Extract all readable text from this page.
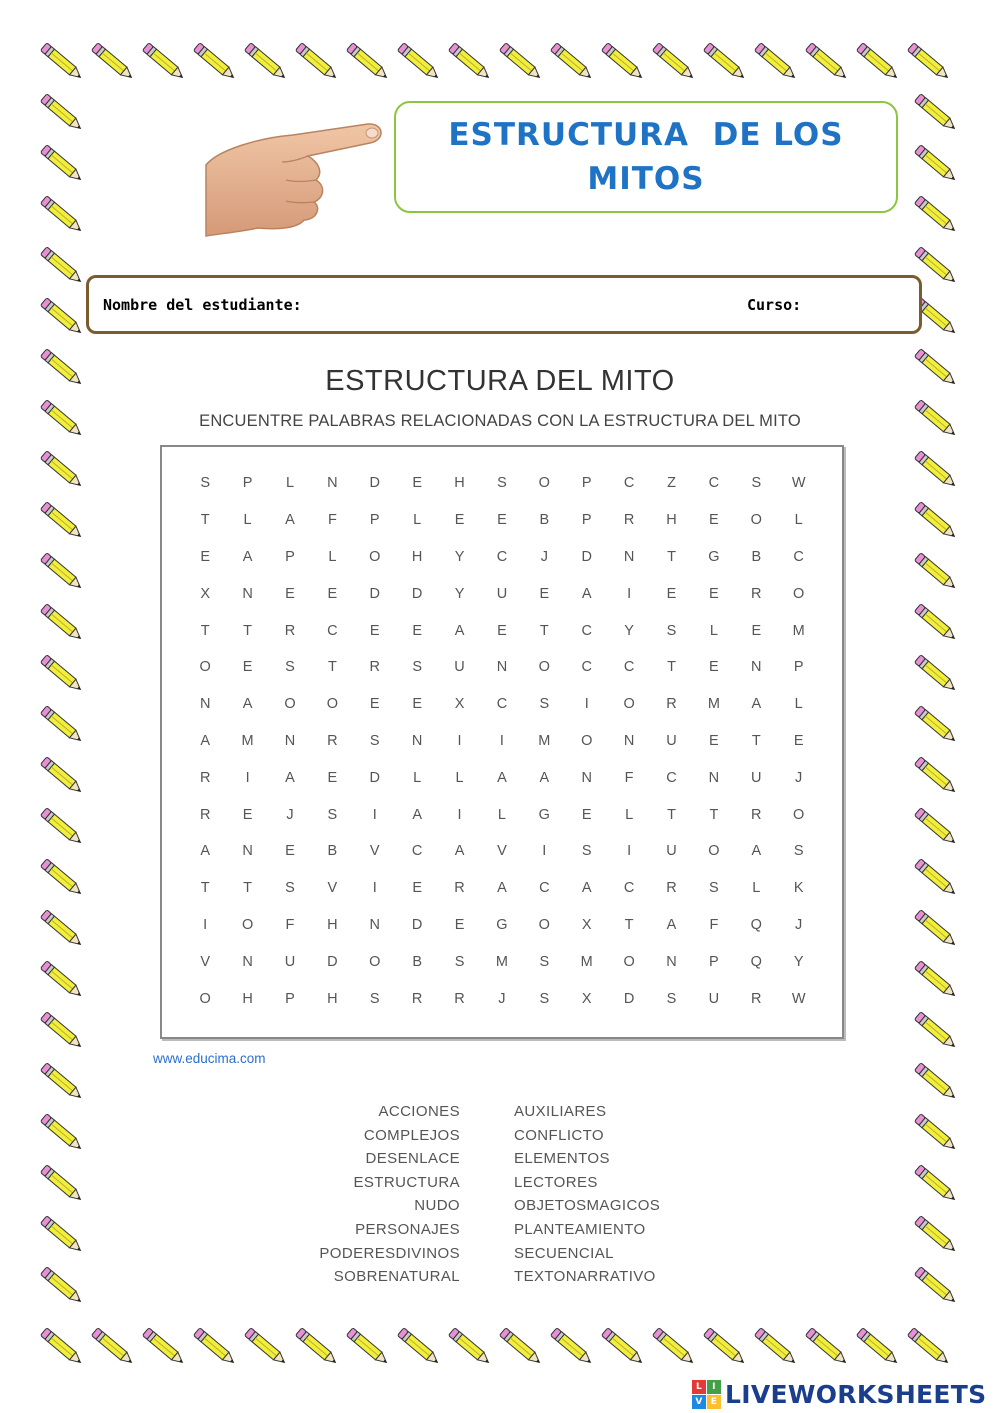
ESTRUCTURA  DE LOS
MITOS
Nombre del estudiante:	Curso:
ESTRUCTURA DEL MITO
ENCUENTRE PALABRAS RELACIONADAS CON LA ESTRUCTURA DEL MITO
S	P	L	N	D	E	H	S	O	P	C	Z	C	S	W
T	L	A	F	P	L	E	E	B	P	R	H	E	O	L
E	A	P	L	O	H	Y	C	J	D	N	T	G	B	C
X	N	E	E	D	D	Y	U	E	A	I	E	E	R	O
T	T	R	C	E	E	A	E	T	C	Y	S	L	E	M
O	E	S	T	R	S	U	N	O	C	C	T	E	N	P
N	A	O	O	E	E	X	C	S	I	O	R	M	A	L
A	M	N	R	S	N	I	I	M	O	N	U	E	T	E
R	I	A	E	D	L	L	A	A	N	F	C	N	U	J
R	E	J	S	I	A	I	L	G	E	L	T	T	R	O
A	N	E	B	V	C	A	V	I	S	I	U	O	A	S
T	T	S	V	I	E	R	A	C	A	C	R	S	L	K
I	O	F	H	N	D	E	G	O	X	T	A	F	Q	J
V	N	U	D	O	B	S	M	S	M	O	N	P	Q	Y
O	H	P	H	S	R	R	J	S	X	D	S	U	R	W
www.educima.com
ACCIONES
COMPLEJOS
DESENLACE
ESTRUCTURA
NUDO
PERSONAJES
PODERESDIVINOS
SOBRENATURAL
AUXILIARES
CONFLICTO
ELEMENTOS
LECTORES
OBJETOSMAGICOS
PLANTEAMIENTO
SECUENCIAL
TEXTONARRATIVO
L	I
V E LIVEWORKSHEETS
